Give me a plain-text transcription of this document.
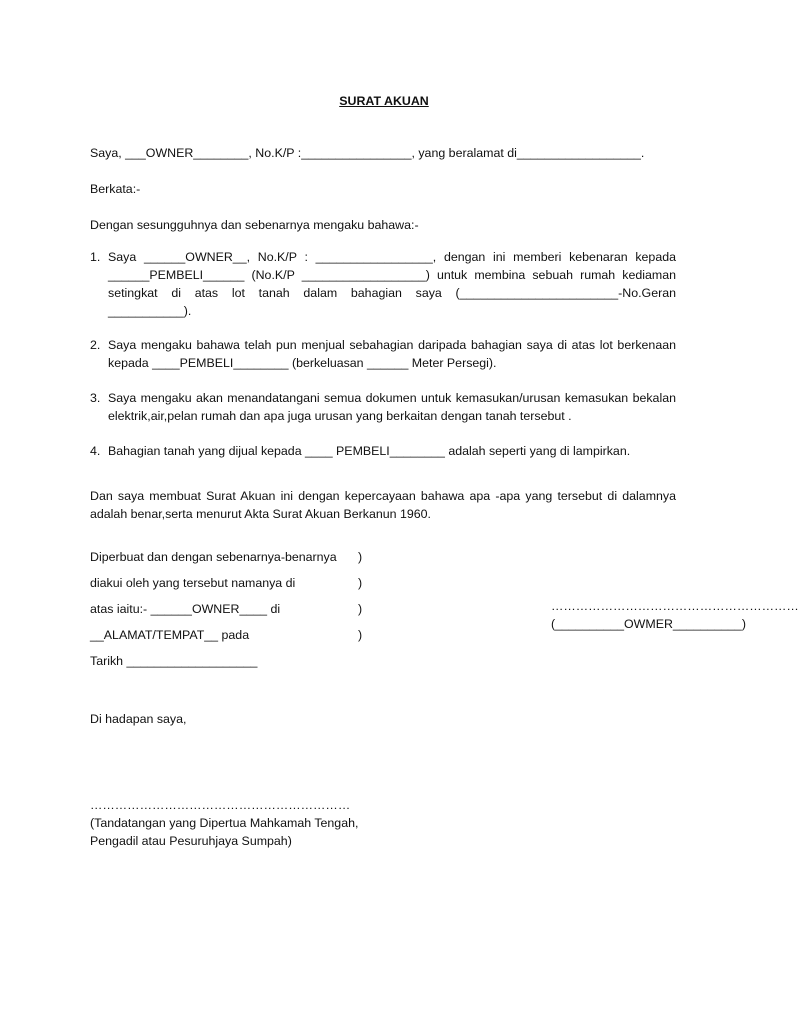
SURAT AKUAN
Saya, ___OWNER________, No.K/P :________________, yang beralamat di__________________.
Berkata:-
Dengan sesungguhnya dan sebenarnya mengaku bahawa:-
1. Saya ______OWNER__, No.K/P : _________________, dengan ini memberi kebenaran kepada ______PEMBELI______ (No.K/P __________________) untuk membina sebuah rumah kediaman setingkat di atas lot tanah dalam bahagian saya (_______________________-No.Geran ___________).
2. Saya mengaku bahawa telah pun menjual sebahagian daripada bahagian saya di atas lot berkenaan kepada ____PEMBELI________ (berkeluasan ______ Meter Persegi).
3. Saya mengaku akan menandatangani semua dokumen untuk kemasukan/urusan kemasukan bekalan elektrik,air,pelan rumah dan apa juga urusan yang berkaitan dengan tanah tersebut .
4. Bahagian tanah yang dijual kepada ____ PEMBELI________ adalah seperti yang di lampirkan.
Dan saya membuat Surat Akuan ini dengan kepercayaan bahawa apa -apa yang tersebut di dalamnya adalah benar,serta menurut Akta Surat Akuan Berkanun 1960.
Diperbuat dan dengan sebenarnya-benarnya )
diakui oleh yang tersebut namanya di	)
atas iaitu:- ______OWNER____ di	)
__ALAMAT/TEMPAT__ pada	)
Tarikh ___________________
……………………………………………………
(__________OWMER__________)
Di hadapan saya,
………………………………………………………
(Tandatangan yang Dipertua Mahkamah Tengah,
Pengadil atau Pesuruhjaya Sumpah)
